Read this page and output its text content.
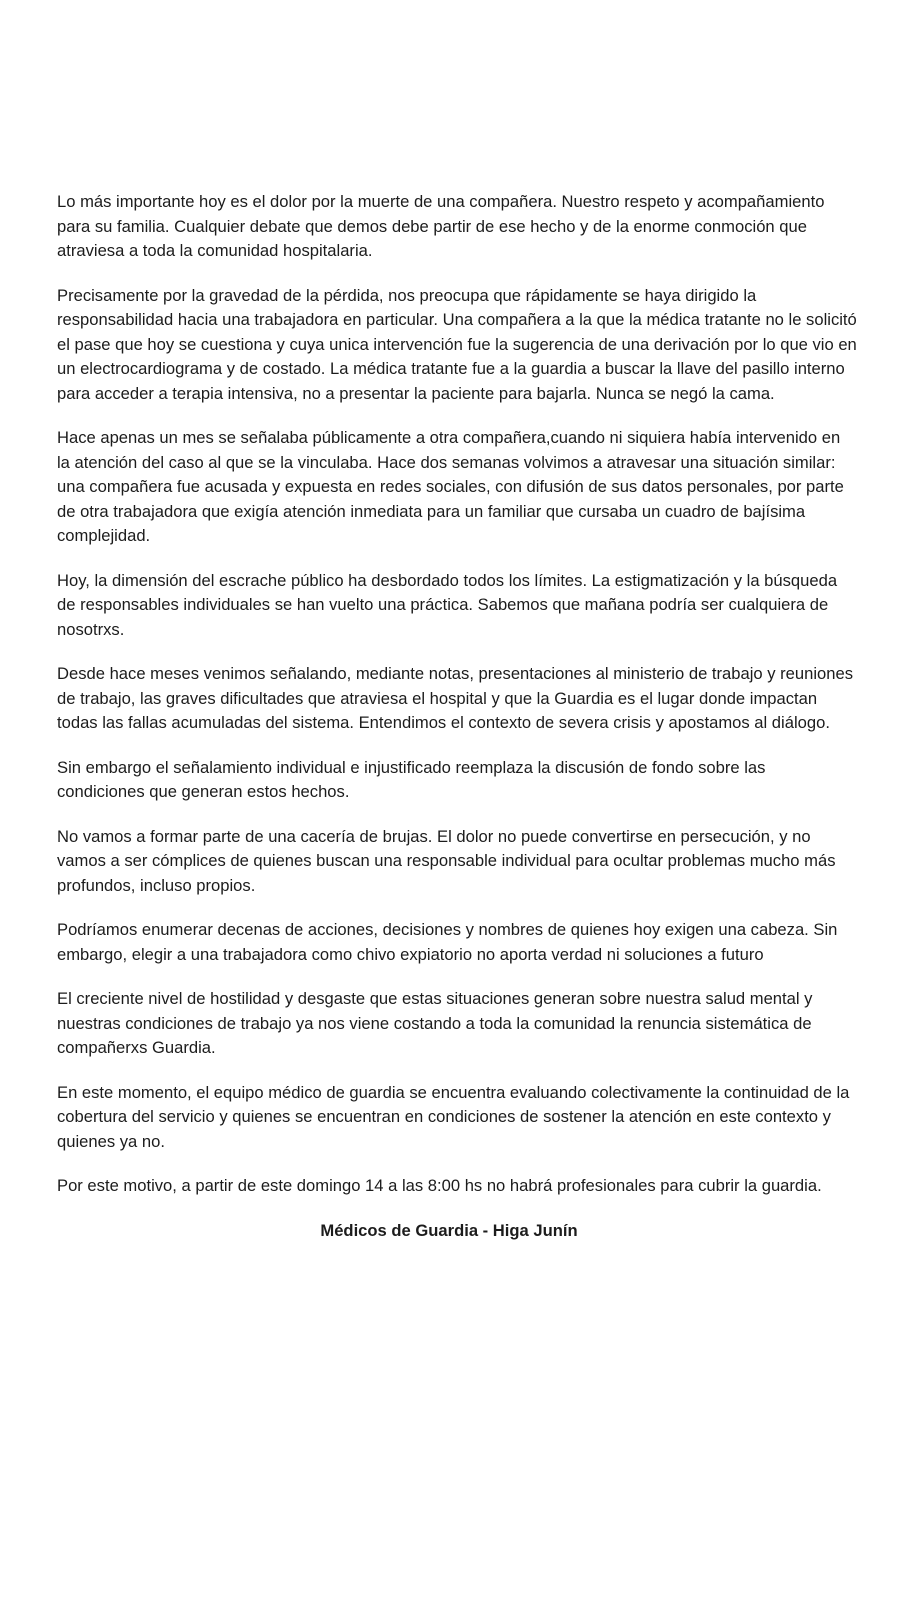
Lo más importante hoy es el dolor por la muerte de una compañera. Nuestro respeto y acompañamiento para su familia. Cualquier debate que demos debe partir de ese hecho y de la enorme conmoción que atraviesa a toda la comunidad hospitalaria.

Precisamente por la gravedad de la pérdida, nos preocupa que rápidamente se haya dirigido la responsabilidad hacia una trabajadora en particular. Una compañera a la que la médica tratante no le solicitó el pase que hoy se cuestiona y cuya unica intervención fue la sugerencia de una derivación por lo que vio en un electrocardiograma y de costado. La médica tratante fue a la guardia a buscar la llave del pasillo interno para acceder a terapia intensiva, no a presentar la paciente para bajarla. Nunca se negó la cama.

Hace apenas un mes se señalaba públicamente a otra compañera,cuando ni siquiera había intervenido en la atención del caso al que se la vinculaba. Hace dos semanas volvimos a atravesar una situación similar: una compañera fue acusada y expuesta en redes sociales, con difusión de sus datos personales, por parte de otra trabajadora que exigía atención inmediata para un familiar que cursaba un cuadro de bajísima complejidad.

Hoy, la dimensión del escrache público ha desbordado todos los límites. La estigmatización y la búsqueda de responsables individuales se han vuelto una práctica. Sabemos que mañana podría ser cualquiera de nosotrxs.

Desde hace meses venimos señalando, mediante notas, presentaciones al ministerio de trabajo y reuniones de trabajo, las graves dificultades que atraviesa el hospital y que la Guardia es el lugar donde impactan todas las fallas acumuladas del sistema. Entendimos el contexto de severa crisis y apostamos al diálogo.

Sin embargo el señalamiento individual e injustificado reemplaza la discusión de fondo sobre las condiciones que generan estos hechos.

No vamos a formar parte de una cacería de brujas. El dolor no puede convertirse en persecución, y no vamos a ser cómplices de quienes buscan una responsable individual para ocultar problemas mucho más profundos, incluso propios.

Podríamos enumerar decenas de acciones, decisiones y nombres de quienes hoy exigen una cabeza. Sin embargo, elegir a una trabajadora como chivo expiatorio no aporta verdad ni soluciones a futuro

El creciente nivel de hostilidad y desgaste que estas situaciones generan sobre nuestra salud mental y nuestras condiciones de trabajo ya nos viene costando a toda la comunidad la renuncia sistemática de compañerxs Guardia.

En este momento, el equipo médico de guardia se encuentra evaluando colectivamente la continuidad de la cobertura del servicio y quienes se encuentran en condiciones de sostener la atención en este contexto y quienes ya no.

Por este motivo, a partir de este domingo 14 a las 8:00 hs no habrá profesionales para cubrir la guardia.

Médicos de Guardia - Higa Junín
